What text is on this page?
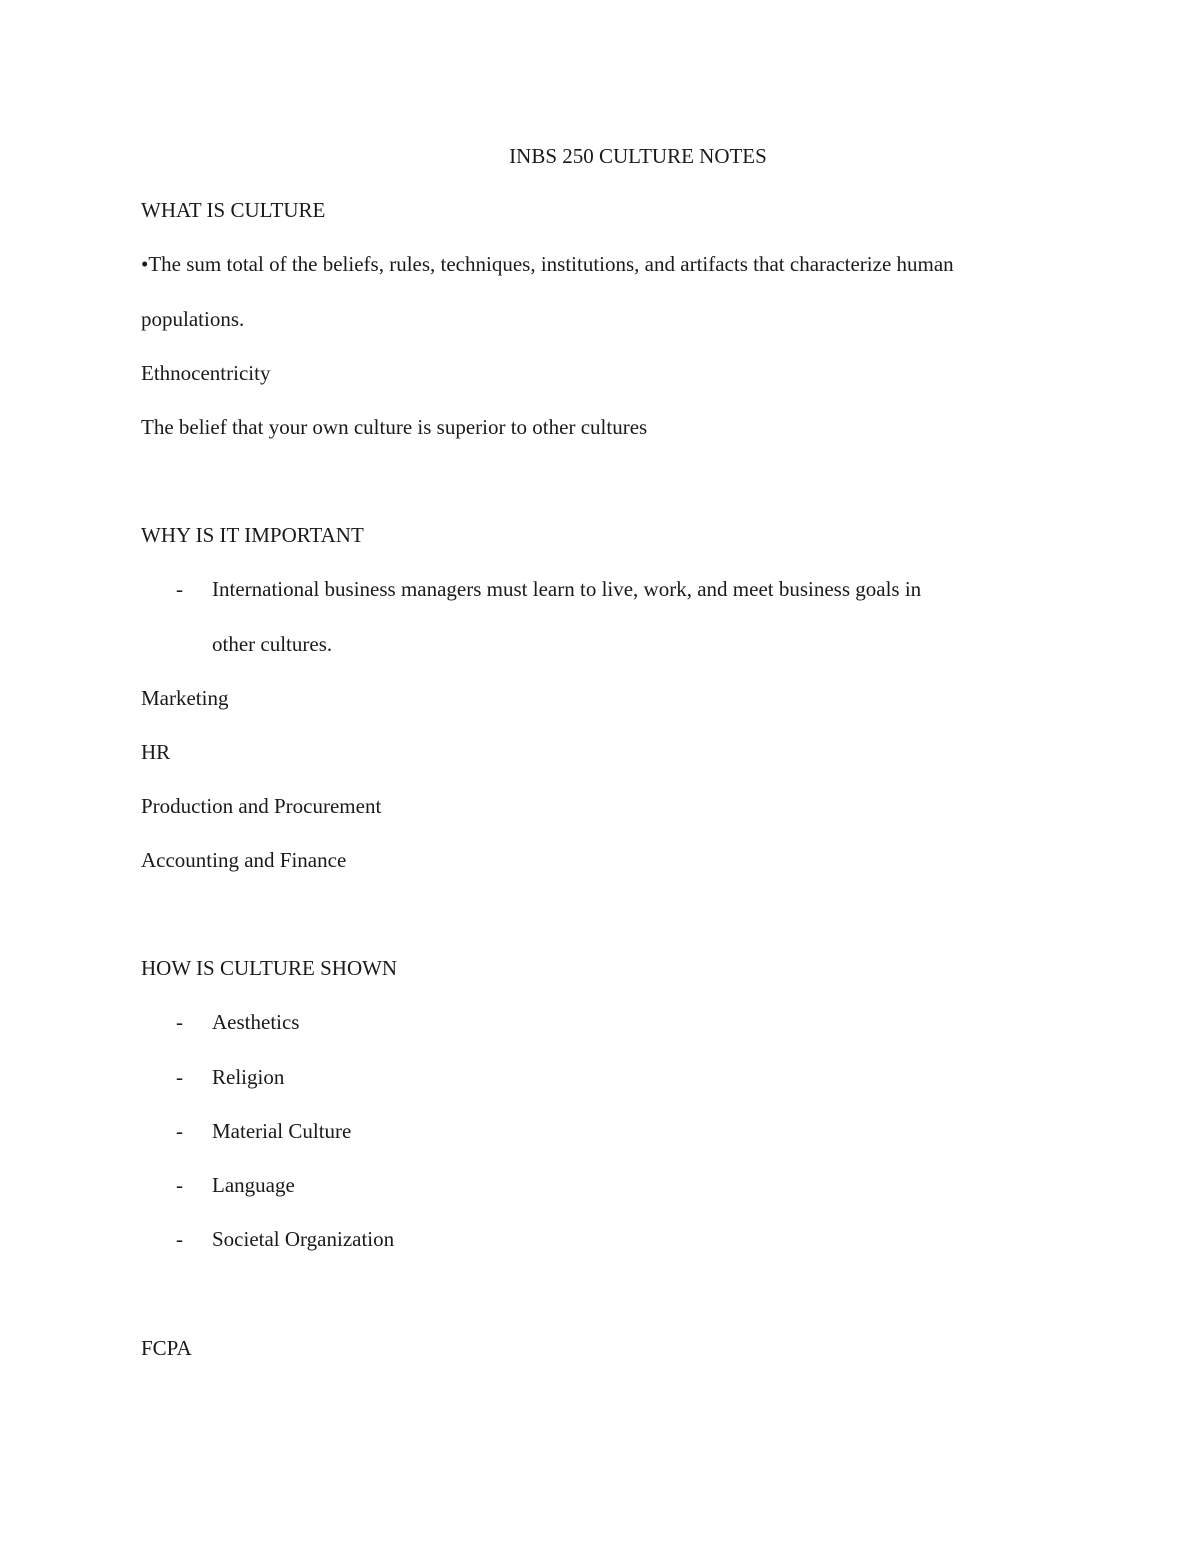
INBS 250 CULTURE NOTES
WHAT IS CULTURE
•The sum total of the beliefs, rules, techniques, institutions, and artifacts that characterize human
populations.
Ethnocentricity
The belief that your own culture is superior to other cultures
WHY IS IT IMPORTANT
- International business managers must learn to live, work, and meet business goals in
other cultures.
Marketing
HR
Production and Procurement
Accounting and Finance
HOW IS CULTURE SHOWN
- Aesthetics
- Religion
- Material Culture
- Language
- Societal Organization
FCPA
